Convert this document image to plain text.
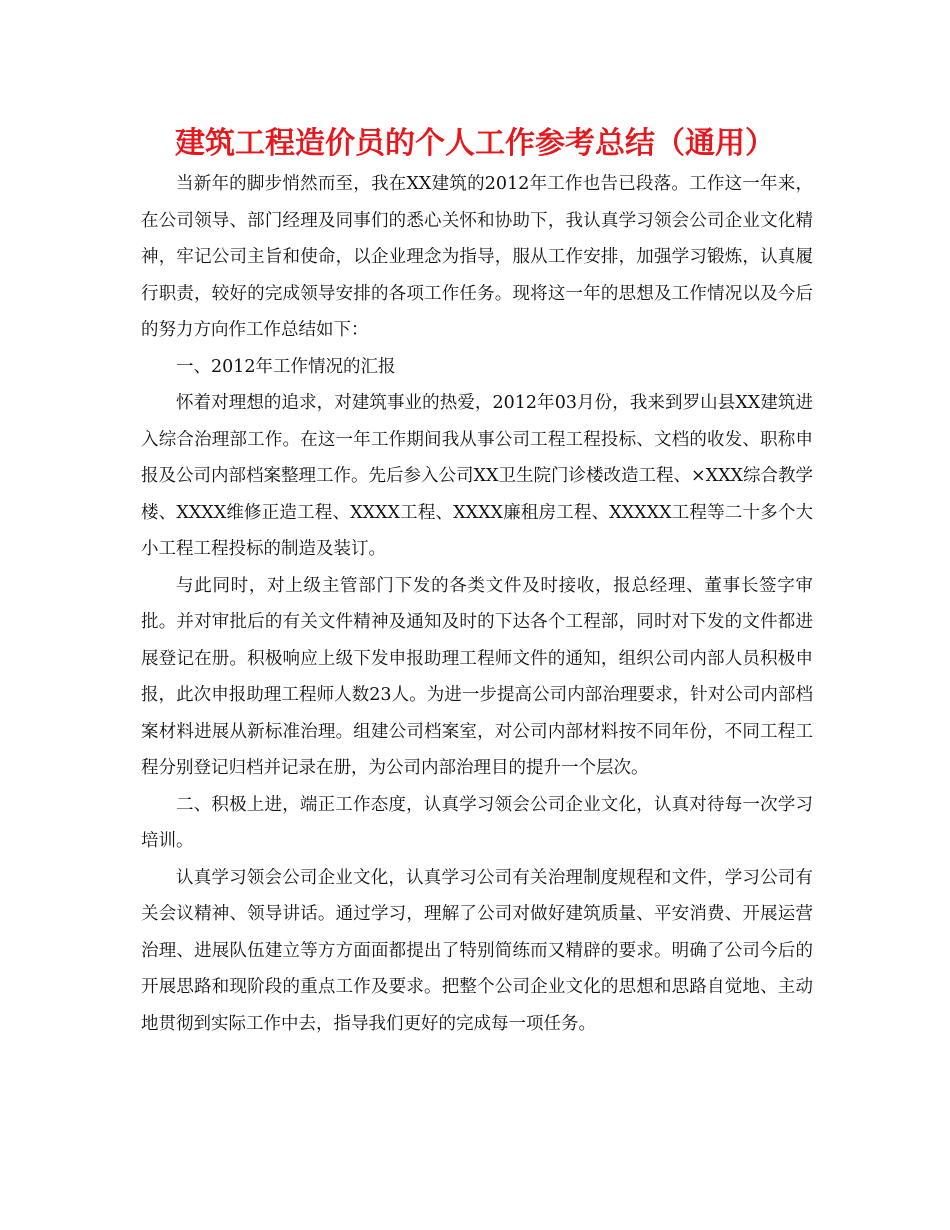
建筑工程造价员的个人工作参考总结（通用）

当新年的脚步悄然而至，我在XX建筑的2012年工作也告已段落。工作这一年来，在公司领导、部门经理及同事们的悉心关怀和协助下，我认真学习领会公司企业文化精神，牢记公司主旨和使命，以企业理念为指导，服从工作安排，加强学习锻炼，认真履行职责，较好的完成领导安排的各项工作任务。现将这一年的思想及工作情况以及今后的努力方向作工作总结如下：

一、2012年工作情况的汇报

怀着对理想的追求，对建筑事业的热爱，2012年03月份，我来到罗山县XX建筑进入综合治理部工作。在这一年工作期间我从事公司工程工程投标、文档的收发、职称申报及公司内部档案整理工作。先后参入公司XX卫生院门诊楼改造工程、×XXX综合教学楼、XXXX维修正造工程、XXXX工程、XXXX廉租房工程、XXXXX工程等二十多个大小工程工程投标的制造及装订。

与此同时，对上级主管部门下发的各类文件及时接收，报总经理、董事长签字审批。并对审批后的有关文件精神及通知及时的下达各个工程部，同时对下发的文件都进展登记在册。积极响应上级下发申报助理工程师文件的通知，组织公司内部人员积极申报，此次申报助理工程师人数23人。为进一步提高公司内部治理要求，针对公司内部档案材料进展从新标准治理。组建公司档案室，对公司内部材料按不同年份，不同工程工程分别登记归档并记录在册，为公司内部治理目的提升一个层次。

二、积极上进，端正工作态度，认真学习领会公司企业文化，认真对待每一次学习培训。

认真学习领会公司企业文化，认真学习公司有关治理制度规程和文件，学习公司有关会议精神、领导讲话。通过学习，理解了公司对做好建筑质量、平安消费、开展运营治理、进展队伍建立等方方面面都提出了特别简练而又精辟的要求。明确了公司今后的开展思路和现阶段的重点工作及要求。把整个公司企业文化的思想和思路自觉地、主动地贯彻到实际工作中去，指导我们更好的完成每一项任务。
